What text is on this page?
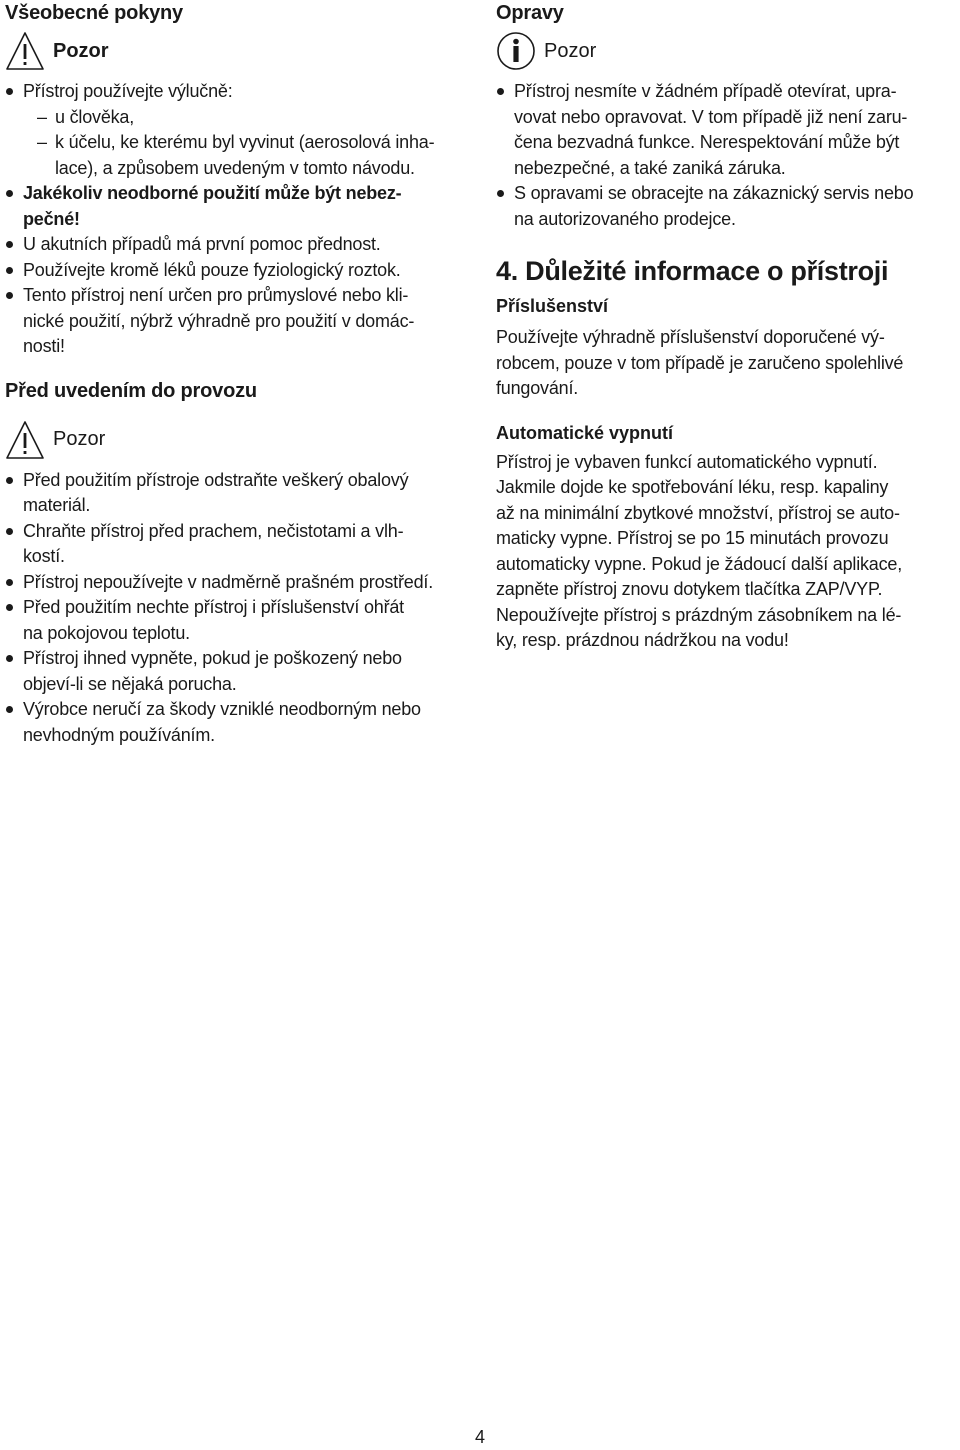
Všeobecné pokyny
Pozor
Přístroj používejte výlučně:
– u člověka,
– k účelu, ke kterému byl vyvinut (aerosolová inha-
lace), a způsobem uvedeným v tomto návodu.
Jakékoliv neodborné použití může být nebez-
pečné!
U akutních případů má první pomoc přednost.
Používejte kromě léků pouze fyziologický roztok.
Tento přístroj není určen pro průmyslové nebo kli-
nické použití, nýbrž výhradně pro použití v domác-
nosti!
Před uvedením do provozu
Pozor
Před použitím přístroje odstraňte veškerý obalový
materiál.
Chraňte přístroj před prachem, nečistotami a vlh-
kostí.
Přístroj nepoužívejte v nadměrně prašném prostředí.
Před použitím nechte přístroj i příslušenství ohřát
na pokojovou teplotu.
Přístroj ihned vypněte, pokud je poškozený nebo
objeví-li se nějaká porucha.
Výrobce neručí za škody vzniklé neodborným nebo
nevhodným používáním.
Opravy
Pozor
Přístroj nesmíte v žádném případě otevírat, upra-
vovat nebo opravovat. V tom případě již není zaru-
čena bezvadná funkce. Nerespektování může být
nebezpečné, a také zaniká záruka.
S opravami se obracejte na zákaznický servis nebo
na autorizovaného prodejce.
4. Důležité informace o přístroji
Příslušenství

Používejte výhradně příslušenství doporučené vý-
robcem, pouze v tom případě je zaručeno spolehlivé
fungování.

Automatické vypnutí

Přístroj je vybaven funkcí automatického vypnutí.
Jakmile dojde ke spotřebování léku, resp. kapaliny
až na minimální zbytkové množství, přístroj se auto-
maticky vypne. Přístroj se po 15 minutách provozu
automaticky vypne. Pokud je žádoucí další aplikace,
zapněte přístroj znovu dotykem tlačítka ZAP/VYP.
Nepoužívejte přístroj s prázdným zásobníkem na lé-
ky, resp. prázdnou nádržkou na vodu!

4
